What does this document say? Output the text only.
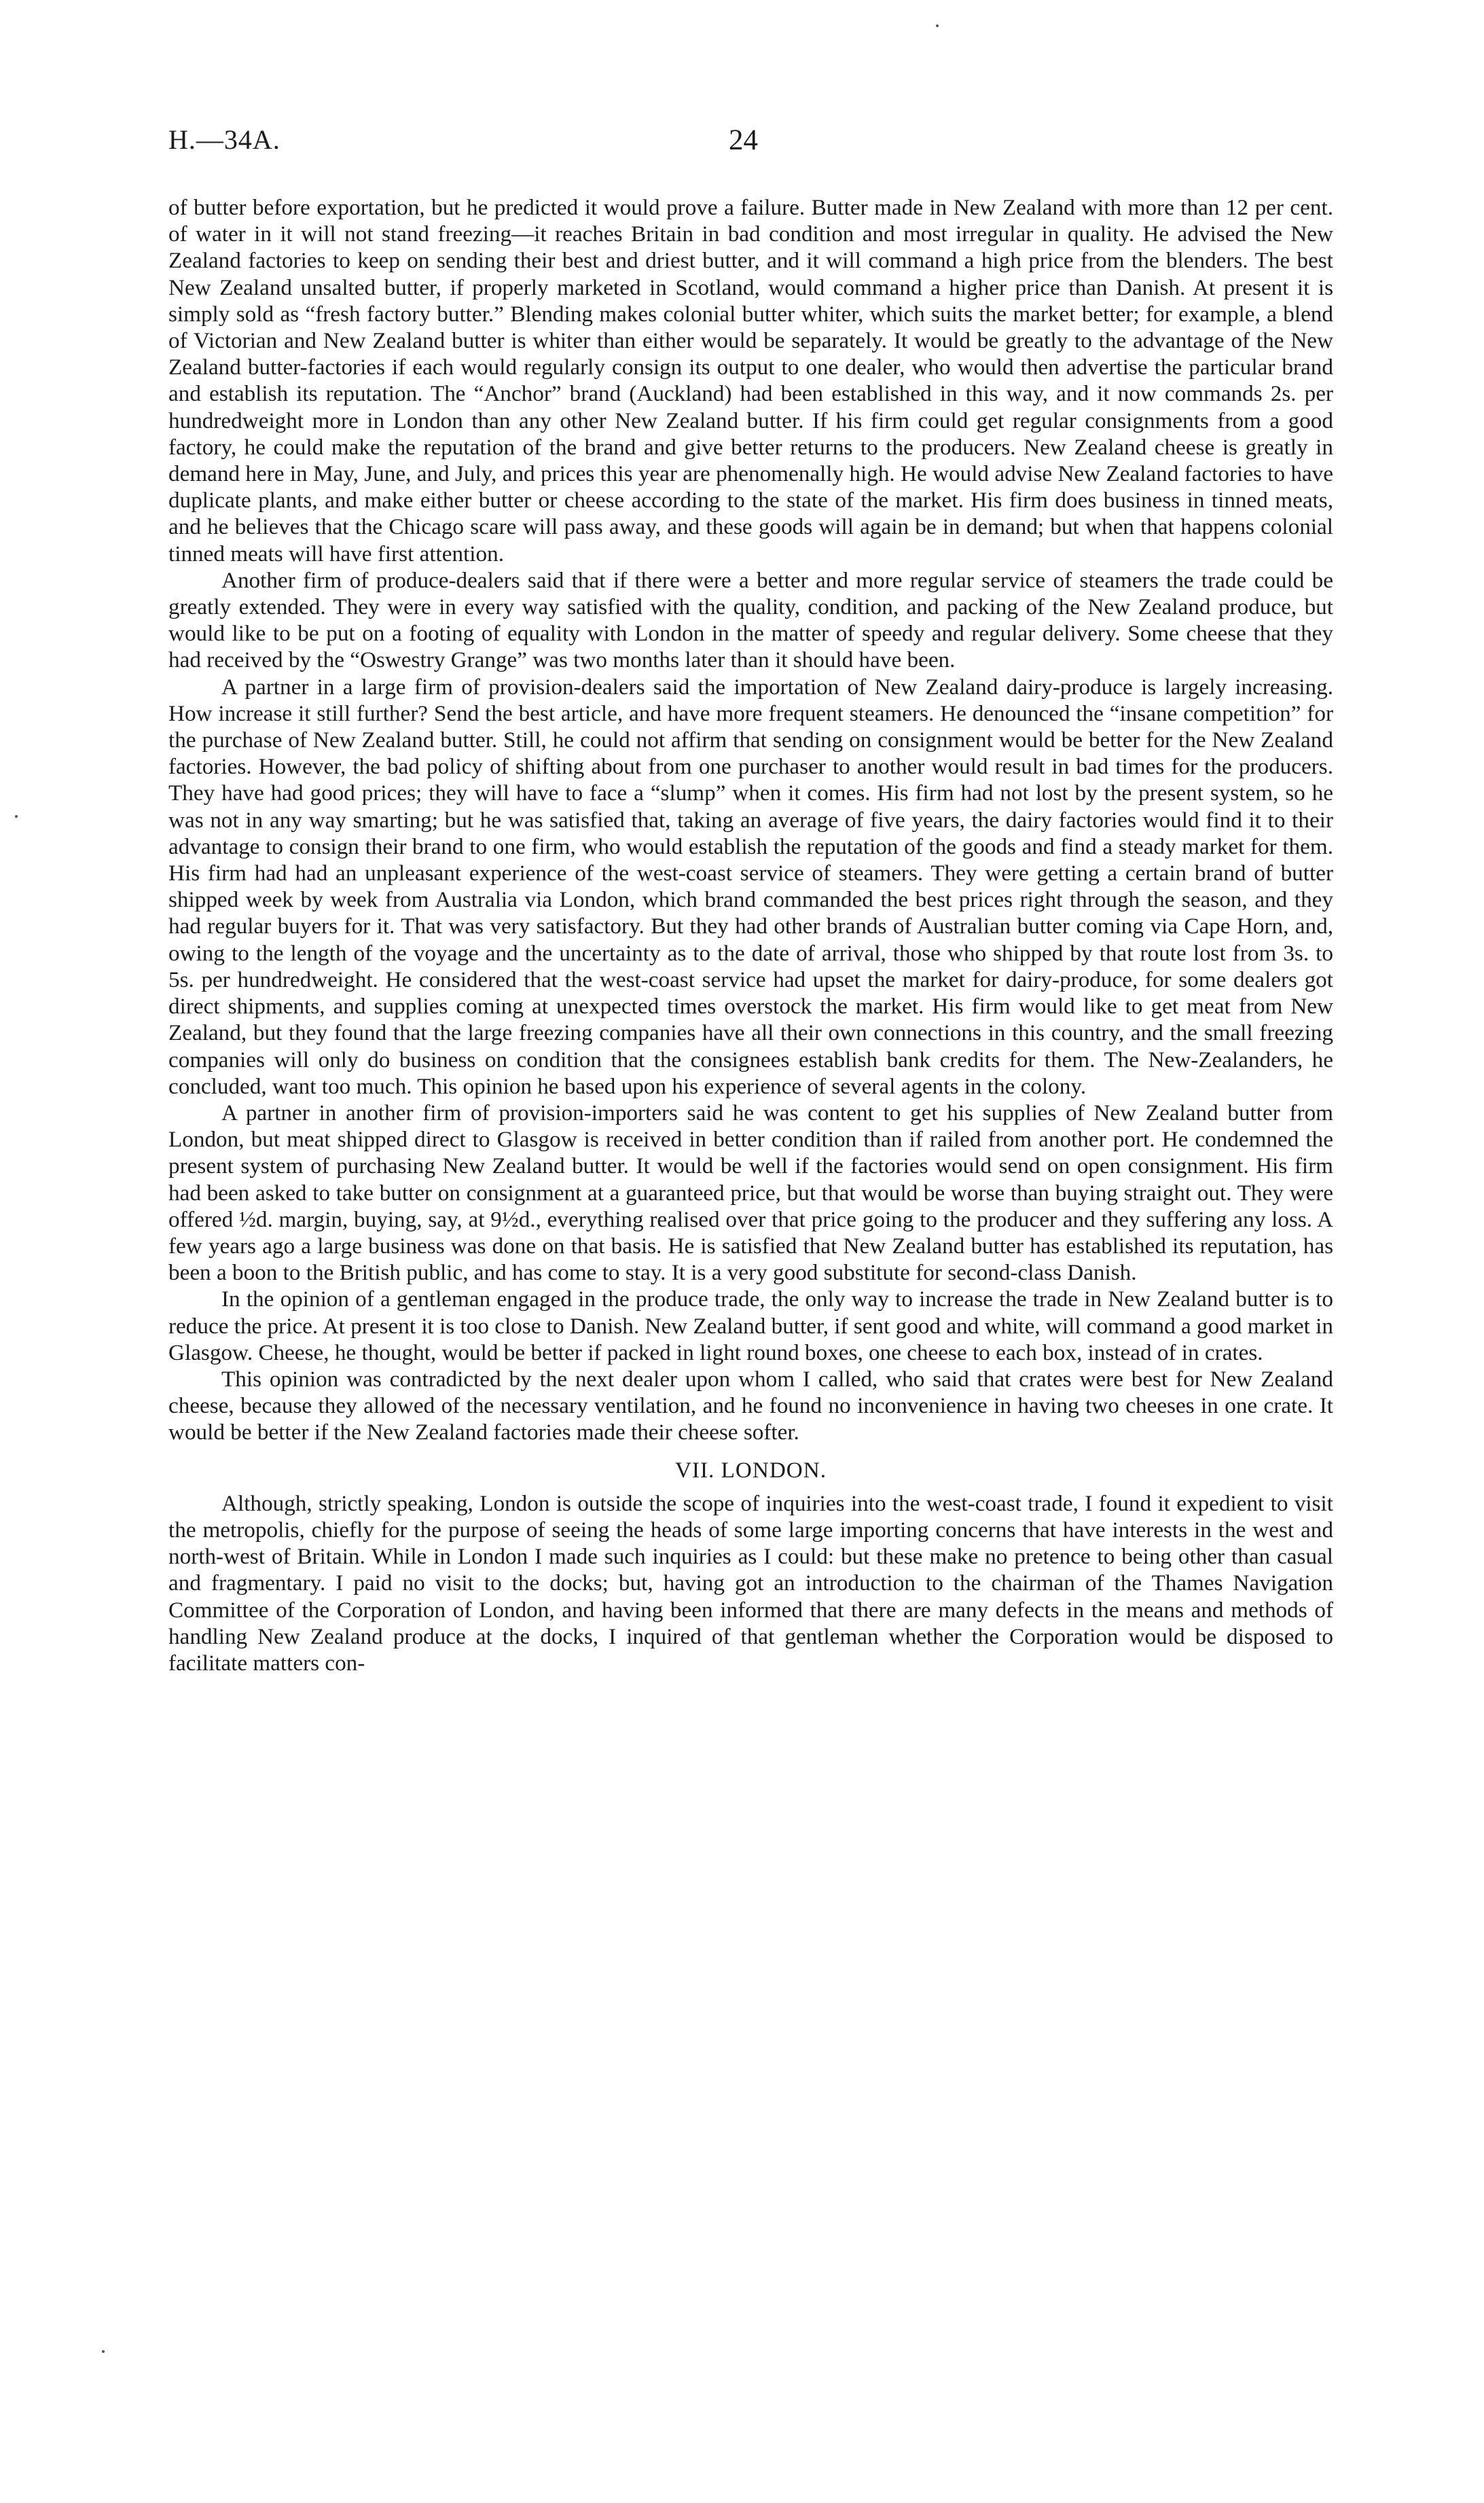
H.—34A.	24

of butter before exportation, but he predicted it would prove a failure. Butter made in New Zealand with more than 12 per cent. of water in it will not stand freezing—it reaches Britain in bad condition and most irregular in quality. He advised the New Zealand factories to keep on sending their best and driest butter, and it will command a high price from the blenders. The best New Zealand unsalted butter, if properly marketed in Scotland, would command a higher price than Danish. At present it is simply sold as “fresh factory butter.” Blending makes colonial butter whiter, which suits the market better; for example, a blend of Victorian and New Zealand butter is whiter than either would be separately. It would be greatly to the advantage of the New Zealand butter-factories if each would regularly consign its output to one dealer, who would then advertise the particular brand and establish its reputation. The “Anchor” brand (Auckland) had been established in this way, and it now commands 2s. per hundredweight more in London than any other New Zealand butter. If his firm could get regular consignments from a good factory, he could make the reputation of the brand and give better returns to the producers. New Zealand cheese is greatly in demand here in May, June, and July, and prices this year are phenomenally high. He would advise New Zealand factories to have duplicate plants, and make either butter or cheese according to the state of the market. His firm does business in tinned meats, and he believes that the Chicago scare will pass away, and these goods will again be in demand; but when that happens colonial tinned meats will have first attention.

Another firm of produce-dealers said that if there were a better and more regular service of steamers the trade could be greatly extended. They were in every way satisfied with the quality, condition, and packing of the New Zealand produce, but would like to be put on a footing of equality with London in the matter of speedy and regular delivery. Some cheese that they had received by the “Oswestry Grange” was two months later than it should have been.

A partner in a large firm of provision-dealers said the importation of New Zealand dairy-produce is largely increasing. How increase it still further? Send the best article, and have more frequent steamers. He denounced the “insane competition” for the purchase of New Zealand butter. Still, he could not affirm that sending on consignment would be better for the New Zealand factories. However, the bad policy of shifting about from one purchaser to another would result in bad times for the producers. They have had good prices; they will have to face a “slump” when it comes. His firm had not lost by the present system, so he was not in any way smarting; but he was satisfied that, taking an average of five years, the dairy factories would find it to their advantage to consign their brand to one firm, who would establish the reputation of the goods and find a steady market for them. His firm had had an unpleasant experience of the west-coast service of steamers. They were getting a certain brand of butter shipped week by week from Australia via London, which brand commanded the best prices right through the season, and they had regular buyers for it. That was very satisfactory. But they had other brands of Australian butter coming via Cape Horn, and, owing to the length of the voyage and the uncertainty as to the date of arrival, those who shipped by that route lost from 3s. to 5s. per hundredweight. He considered that the west-coast service had upset the market for dairy-produce, for some dealers got direct shipments, and supplies coming at unexpected times overstock the market. His firm would like to get meat from New Zealand, but they found that the large freezing companies have all their own connections in this country, and the small freezing companies will only do business on condition that the consignees establish bank credits for them. The New-Zealanders, he concluded, want too much. This opinion he based upon his experience of several agents in the colony.

A partner in another firm of provision-importers said he was content to get his supplies of New Zealand butter from London, but meat shipped direct to Glasgow is received in better condition than if railed from another port. He condemned the present system of purchasing New Zealand butter. It would be well if the factories would send on open consignment. His firm had been asked to take butter on consignment at a guaranteed price, but that would be worse than buying straight out. They were offered ½d. margin, buying, say, at 9½d., everything realised over that price going to the producer and they suffering any loss. A few years ago a large business was done on that basis. He is satisfied that New Zealand butter has established its reputation, has been a boon to the British public, and has come to stay. It is a very good substitute for second-class Danish.

In the opinion of a gentleman engaged in the produce trade, the only way to increase the trade in New Zealand butter is to reduce the price. At present it is too close to Danish. New Zealand butter, if sent good and white, will command a good market in Glasgow. Cheese, he thought, would be better if packed in light round boxes, one cheese to each box, instead of in crates.

This opinion was contradicted by the next dealer upon whom I called, who said that crates were best for New Zealand cheese, because they allowed of the necessary ventilation, and he found no inconvenience in having two cheeses in one crate. It would be better if the New Zealand factories made their cheese softer.

VII. LONDON.

Although, strictly speaking, London is outside the scope of inquiries into the west-coast trade, I found it expedient to visit the metropolis, chiefly for the purpose of seeing the heads of some large importing concerns that have interests in the west and north-west of Britain. While in London I made such inquiries as I could: but these make no pretence to being other than casual and fragmentary. I paid no visit to the docks; but, having got an introduction to the chairman of the Thames Navigation Committee of the Corporation of London, and having been informed that there are many defects in the means and methods of handling New Zealand produce at the docks, I inquired of that gentleman whether the Corporation would be disposed to facilitate matters con-
